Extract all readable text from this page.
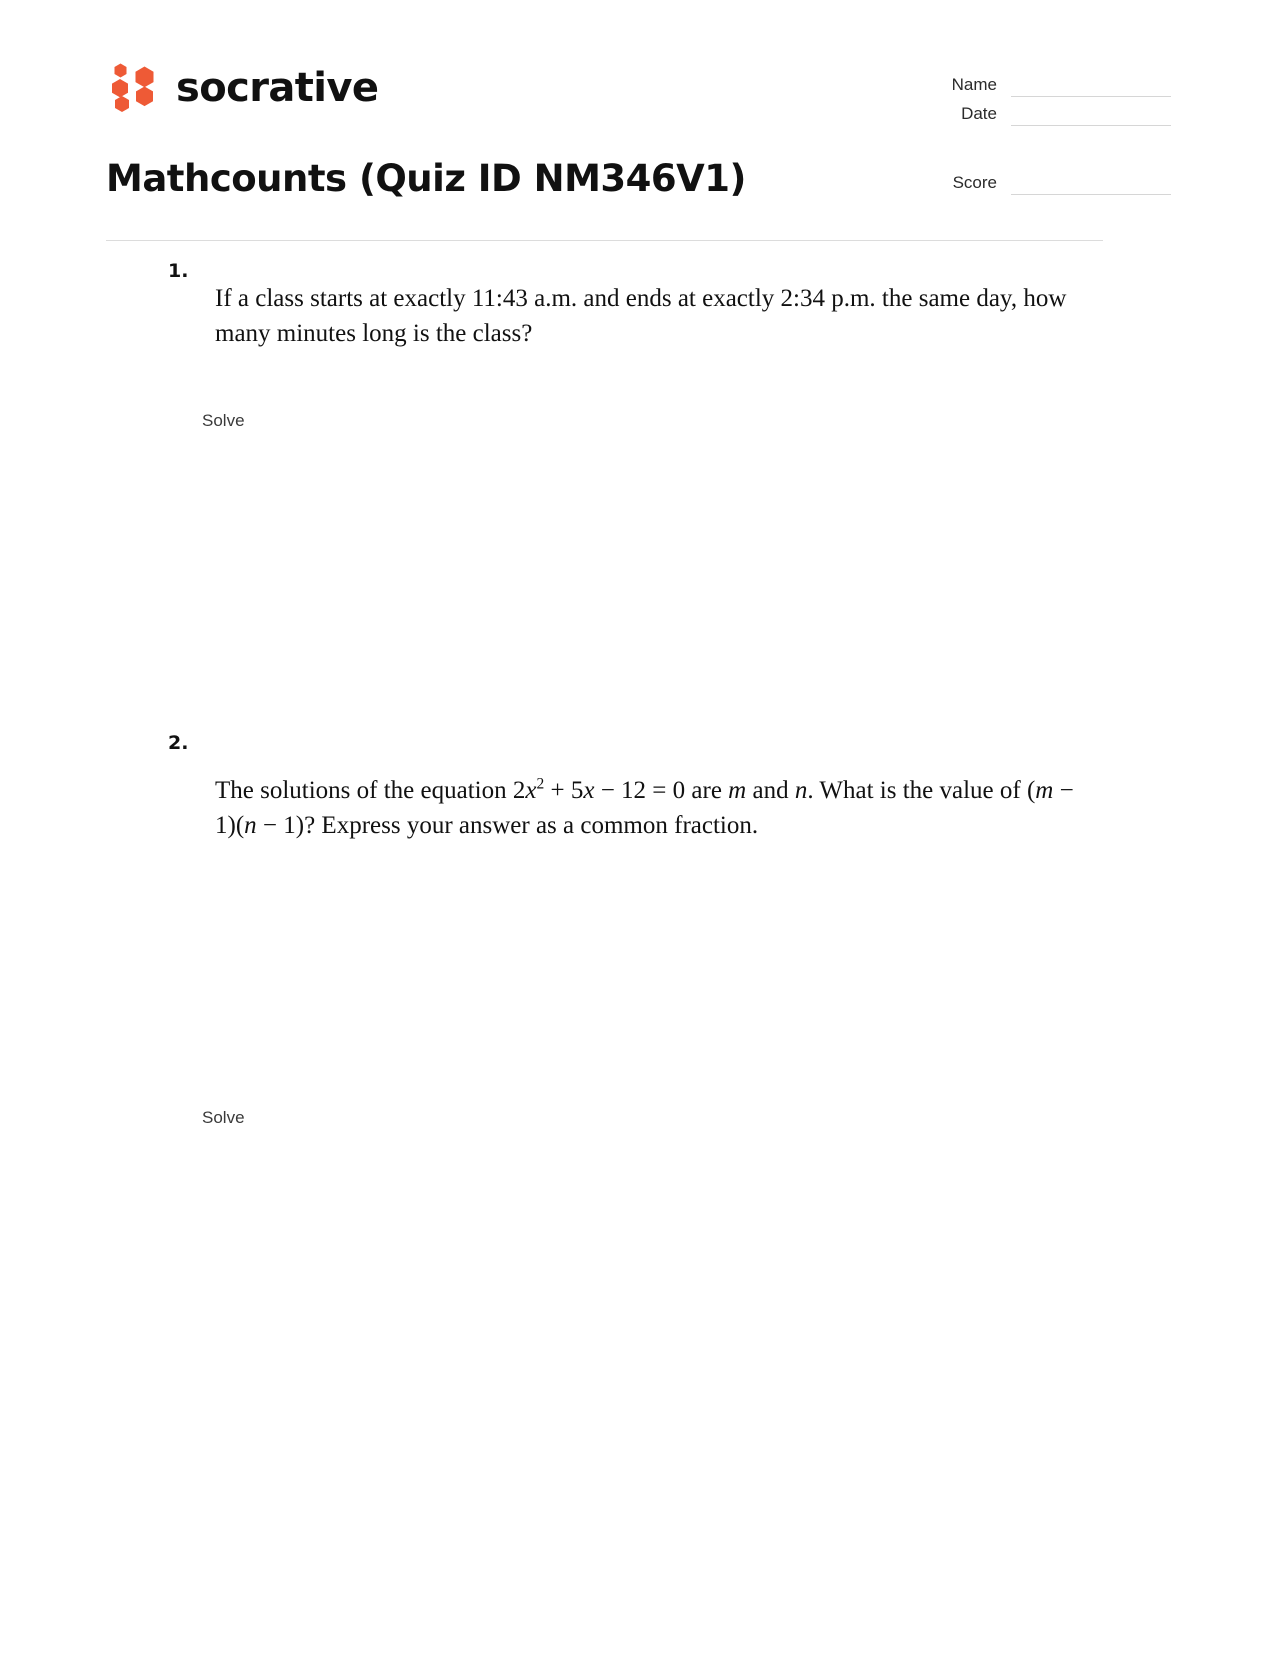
socrative	Name
Date
Score
Mathcounts (Quiz ID NM346V1)
1.
If a class starts at exactly 11:43 a.m. and ends at exactly 2:34 p.m. the same day, how many minutes long is the class?
Solve
2.
The solutions of the equation $2x^2 + 5x - 12 = 0$ are m and n. What is the value of (m − 1)(n − 1)? Express your answer as a common fraction.
Solve
